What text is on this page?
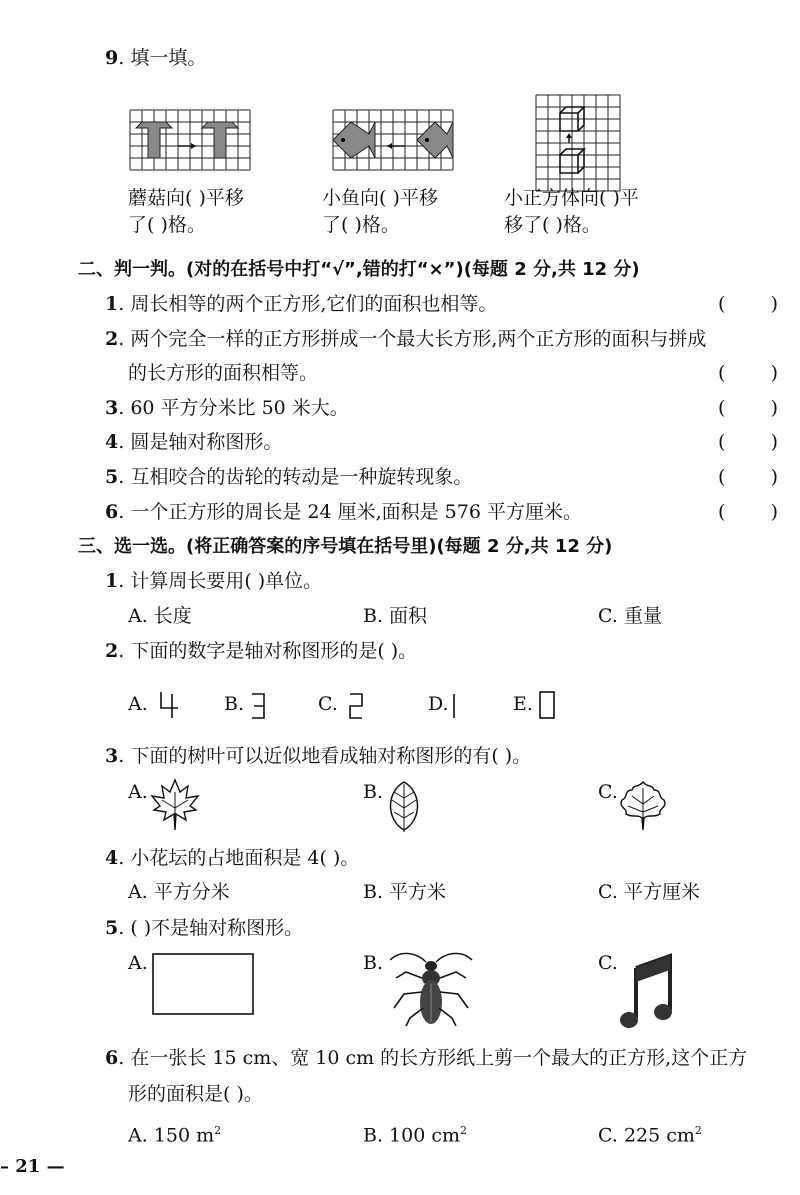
9. 填一填。
蘑菇向( )平移
了( )格。
小鱼向( )平移
了( )格。
小正方体向( )平
移了( )格。
二、判一判。(对的在括号中打“√”,错的打“×”)(每题 2 分,共 12 分)
1. 周长相等的两个正方形,它们的面积也相等。	( )
2. 两个完全一样的正方形拼成一个最大长方形,两个正方形的面积与拼成
的长方形的面积相等。	( )
3. 60 平方分米比 50 米大。	( )
4. 圆是轴对称图形。	( )
5. 互相咬合的齿轮的转动是一种旋转现象。	( )
6. 一个正方形的周长是 24 厘米,面积是 576 平方厘米。	( )
三、选一选。(将正确答案的序号填在括号里)(每题 2 分,共 12 分)
1. 计算周长要用( )单位。
A. 长度	B. 面积	C. 重量
2. 下面的数字是轴对称图形的是( )。
A.	B.	C.	D.	E.
3. 下面的树叶可以近似地看成轴对称图形的有( )。
A.	B.	C.
4. 小花坛的占地面积是 4( )。
A. 平方分米	B. 平方米	C. 平方厘米
5. ( )不是轴对称图形。
A.	B.	C.
6. 在一张长 15 cm、宽 10 cm 的长方形纸上剪一个最大的正方形,这个正方
形的面积是( )。
A. 150 $m^2$	B. 100 $cm^2$	C. 225 $cm^2$
– 21 —
